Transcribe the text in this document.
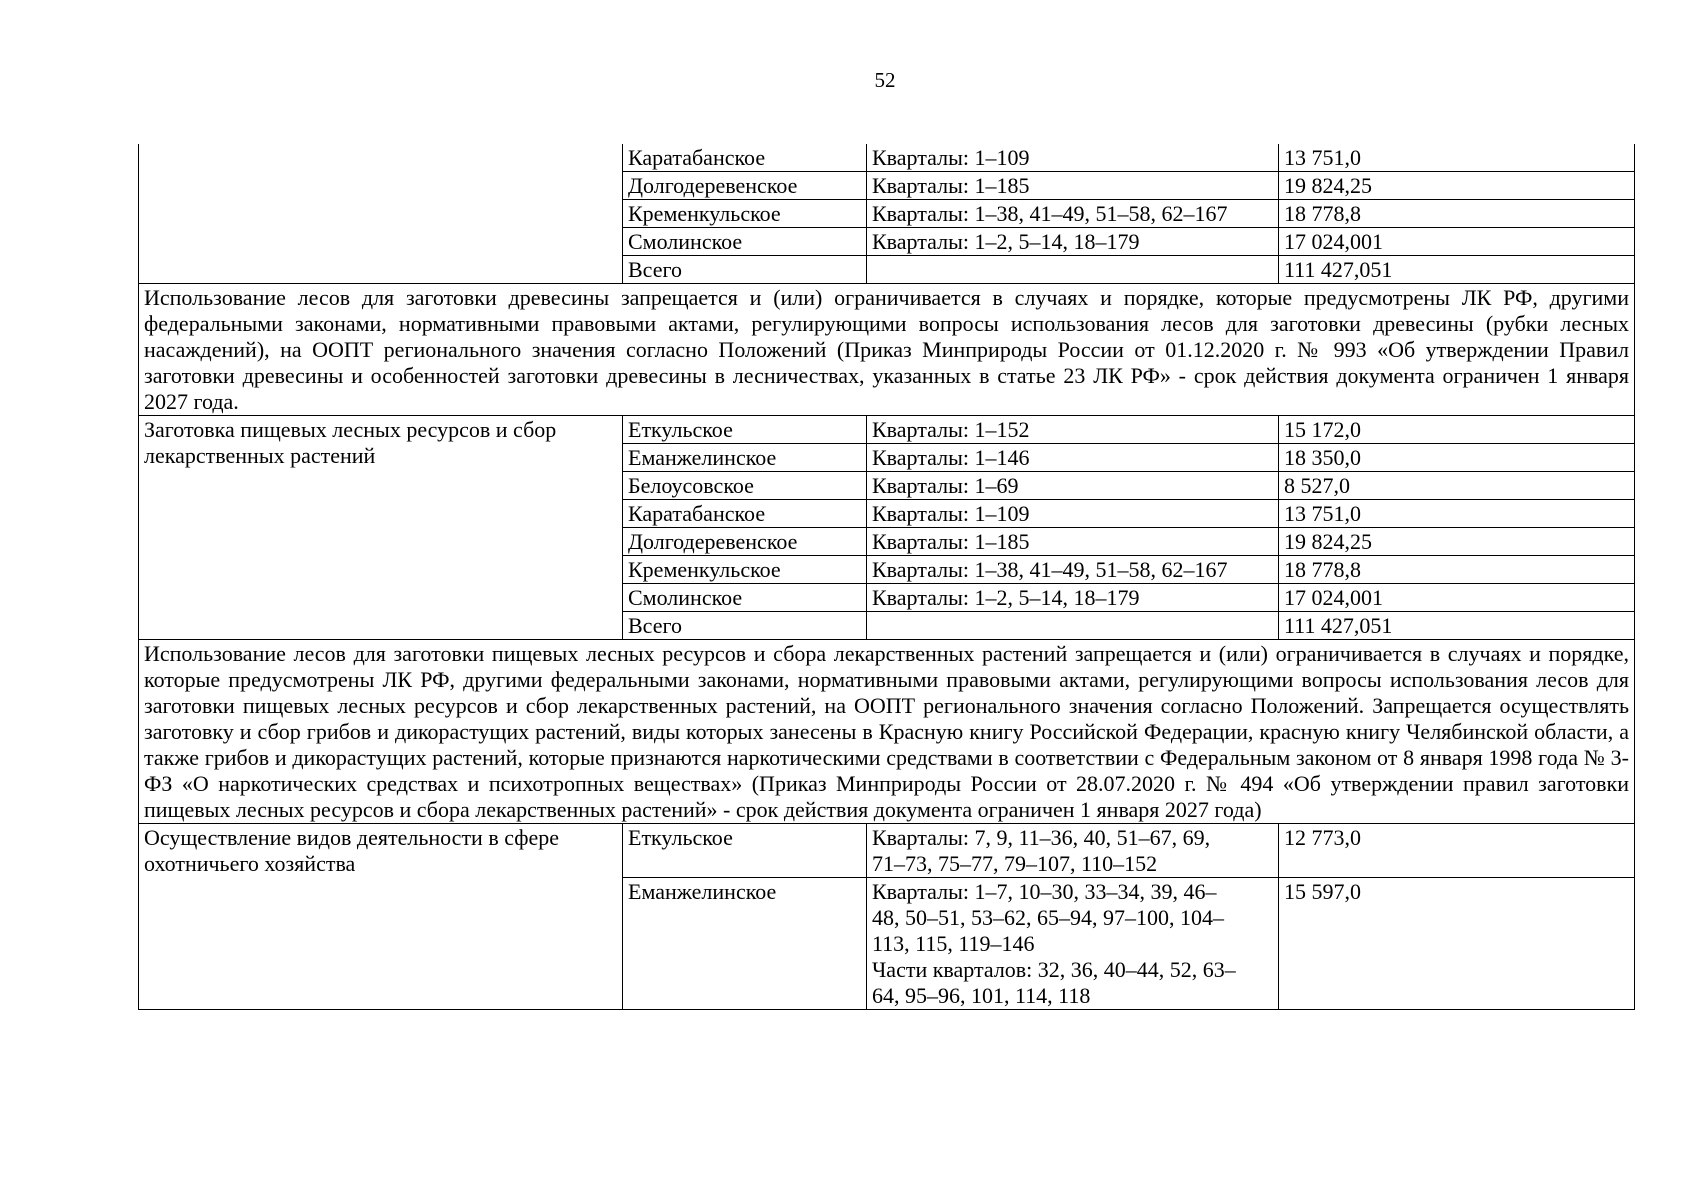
52
	Каратабанское	Кварталы: 1–109	13 751,0
	Долгодеревенское	Кварталы: 1–185	19 824,25
	Кременкульское	Кварталы: 1–38, 41–49, 51–58, 62–167	18 778,8
	Смолинское	Кварталы: 1–2, 5–14, 18–179	17 024,001
	Всего		111 427,051
Использование лесов для заготовки древесины запрещается и (или) ограничивается в случаях и порядке, которые предусмотрены ЛК РФ, другими федеральными законами, нормативными правовыми актами, регулирующими вопросы использования лесов для заготовки древесины (рубки лесных насаждений), на ООПТ регионального значения согласно Положений (Приказ Минприроды России от 01.12.2020 г. № 993 «Об утверждении Правил заготовки древесины и особенностей заготовки древесины в лесничествах, указанных в статье 23 ЛК РФ» - срок действия документа ограничен 1 января 2027 года.			
Заготовка пищевых лесных ресурсов и сбор лекарственных растений	Еткульское	Кварталы: 1–152	15 172,0
	Еманжелинское	Кварталы: 1–146	18 350,0
	Белоусовское	Кварталы: 1–69	8 527,0
	Каратабанское	Кварталы: 1–109	13 751,0
	Долгодеревенское	Кварталы: 1–185	19 824,25
	Кременкульское	Кварталы: 1–38, 41–49, 51–58, 62–167	18 778,8
	Смолинское	Кварталы: 1–2, 5–14, 18–179	17 024,001
	Всего		111 427,051
Использование лесов для заготовки пищевых лесных ресурсов и сбора лекарственных растений запрещается и (или) ограничивается в случаях и порядке, которые предусмотрены ЛК РФ, другими федеральными законами, нормативными правовыми актами, регулирующими вопросы использования лесов для заготовки пищевых лесных ресурсов и сбор лекарственных растений, на ООПТ регионального значения согласно Положений. Запрещается осуществлять заготовку и сбор грибов и дикорастущих растений, виды которых занесены в Красную книгу Российской Федерации, красную книгу Челябинской области, а также грибов и дикорастущих растений, которые признаются наркотическими средствами в соответствии с Федеральным законом от 8 января 1998 года № 3-ФЗ «О наркотических средствах и психотропных веществах» (Приказ Минприроды России от 28.07.2020 г. № 494 «Об утверждении правил заготовки пищевых лесных ресурсов и сбора лекарственных растений» - срок действия документа ограничен 1 января 2027 года)			
Осуществление видов деятельности в сфере охотничьего хозяйства	Еткульское	Кварталы: 7, 9, 11–36, 40, 51–67, 69,
71–73, 75–77, 79–107, 110–152	12 773,0
	Еманжелинское	Кварталы: 1–7, 10–30, 33–34, 39, 46–
48, 50–51, 53–62, 65–94, 97–100, 104–
113, 115, 119–146
Части кварталов: 32, 36, 40–44, 52, 63–
64, 95–96, 101, 114, 118	15 597,0
